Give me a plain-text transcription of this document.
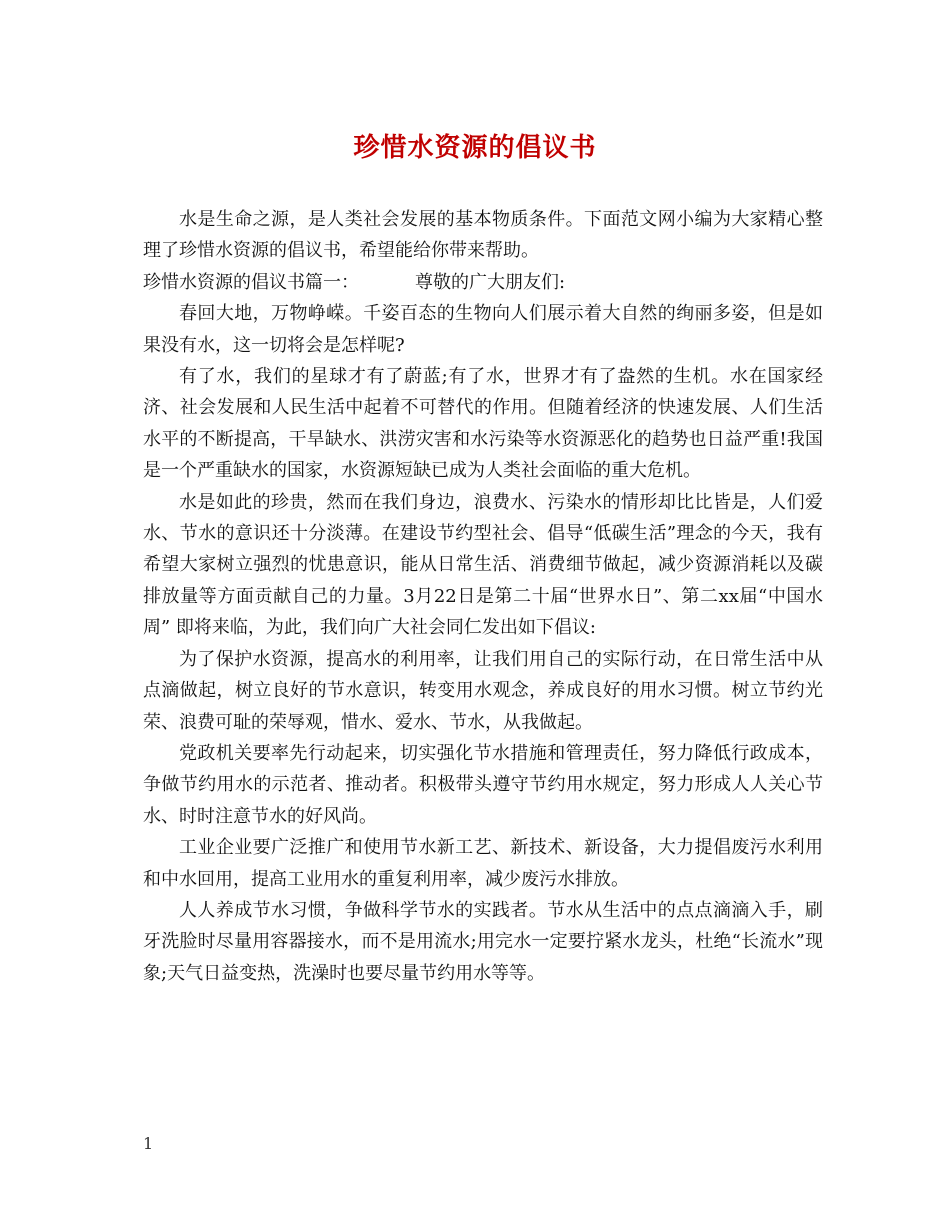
珍惜水资源的倡议书

水是生命之源，是人类社会发展的基本物质条件。下面范文网小编为大家精心整理了珍惜水资源的倡议书，希望能给你带来帮助。

珍惜水资源的倡议书篇一：	尊敬的广大朋友们:

春回大地，万物峥嵘。千姿百态的生物向人们展示着大自然的绚丽多姿，但是如果没有水，这一切将会是怎样呢?

有了水，我们的星球才有了蔚蓝;有了水，世界才有了盎然的生机。水在国家经济、社会发展和人民生活中起着不可替代的作用。但随着经济的快速发展、人们生活水平的不断提高，干旱缺水、洪涝灾害和水污染等水资源恶化的趋势也日益严重!我国是一个严重缺水的国家，水资源短缺已成为人类社会面临的重大危机。

水是如此的珍贵，然而在我们身边，浪费水、污染水的情形却比比皆是，人们爱水、节水的意识还十分淡薄。在建设节约型社会、倡导“低碳生活”理念的今天，我有希望大家树立强烈的忧患意识，能从日常生活、消费细节做起，减少资源消耗以及碳排放量等方面贡献自己的力量。3月22日是第二十届“世界水日”、第二xx届“中国水周” 即将来临，为此，我们向广大社会同仁发出如下倡议:

为了保护水资源，提高水的利用率，让我们用自己的实际行动，在日常生活中从点滴做起，树立良好的节水意识，转变用水观念，养成良好的用水习惯。树立节约光荣、浪费可耻的荣辱观，惜水、爱水、节水，从我做起。

党政机关要率先行动起来，切实强化节水措施和管理责任，努力降低行政成本，争做节约用水的示范者、推动者。积极带头遵守节约用水规定，努力形成人人关心节水、时时注意节水的好风尚。

工业企业要广泛推广和使用节水新工艺、新技术、新设备，大力提倡废污水利用和中水回用，提高工业用水的重复利用率，减少废污水排放。

人人养成节水习惯，争做科学节水的实践者。节水从生活中的点点滴滴入手，刷牙洗脸时尽量用容器接水，而不是用流水;用完水一定要拧紧水龙头，杜绝“长流水”现象;天气日益变热，洗澡时也要尽量节约用水等等。

1
